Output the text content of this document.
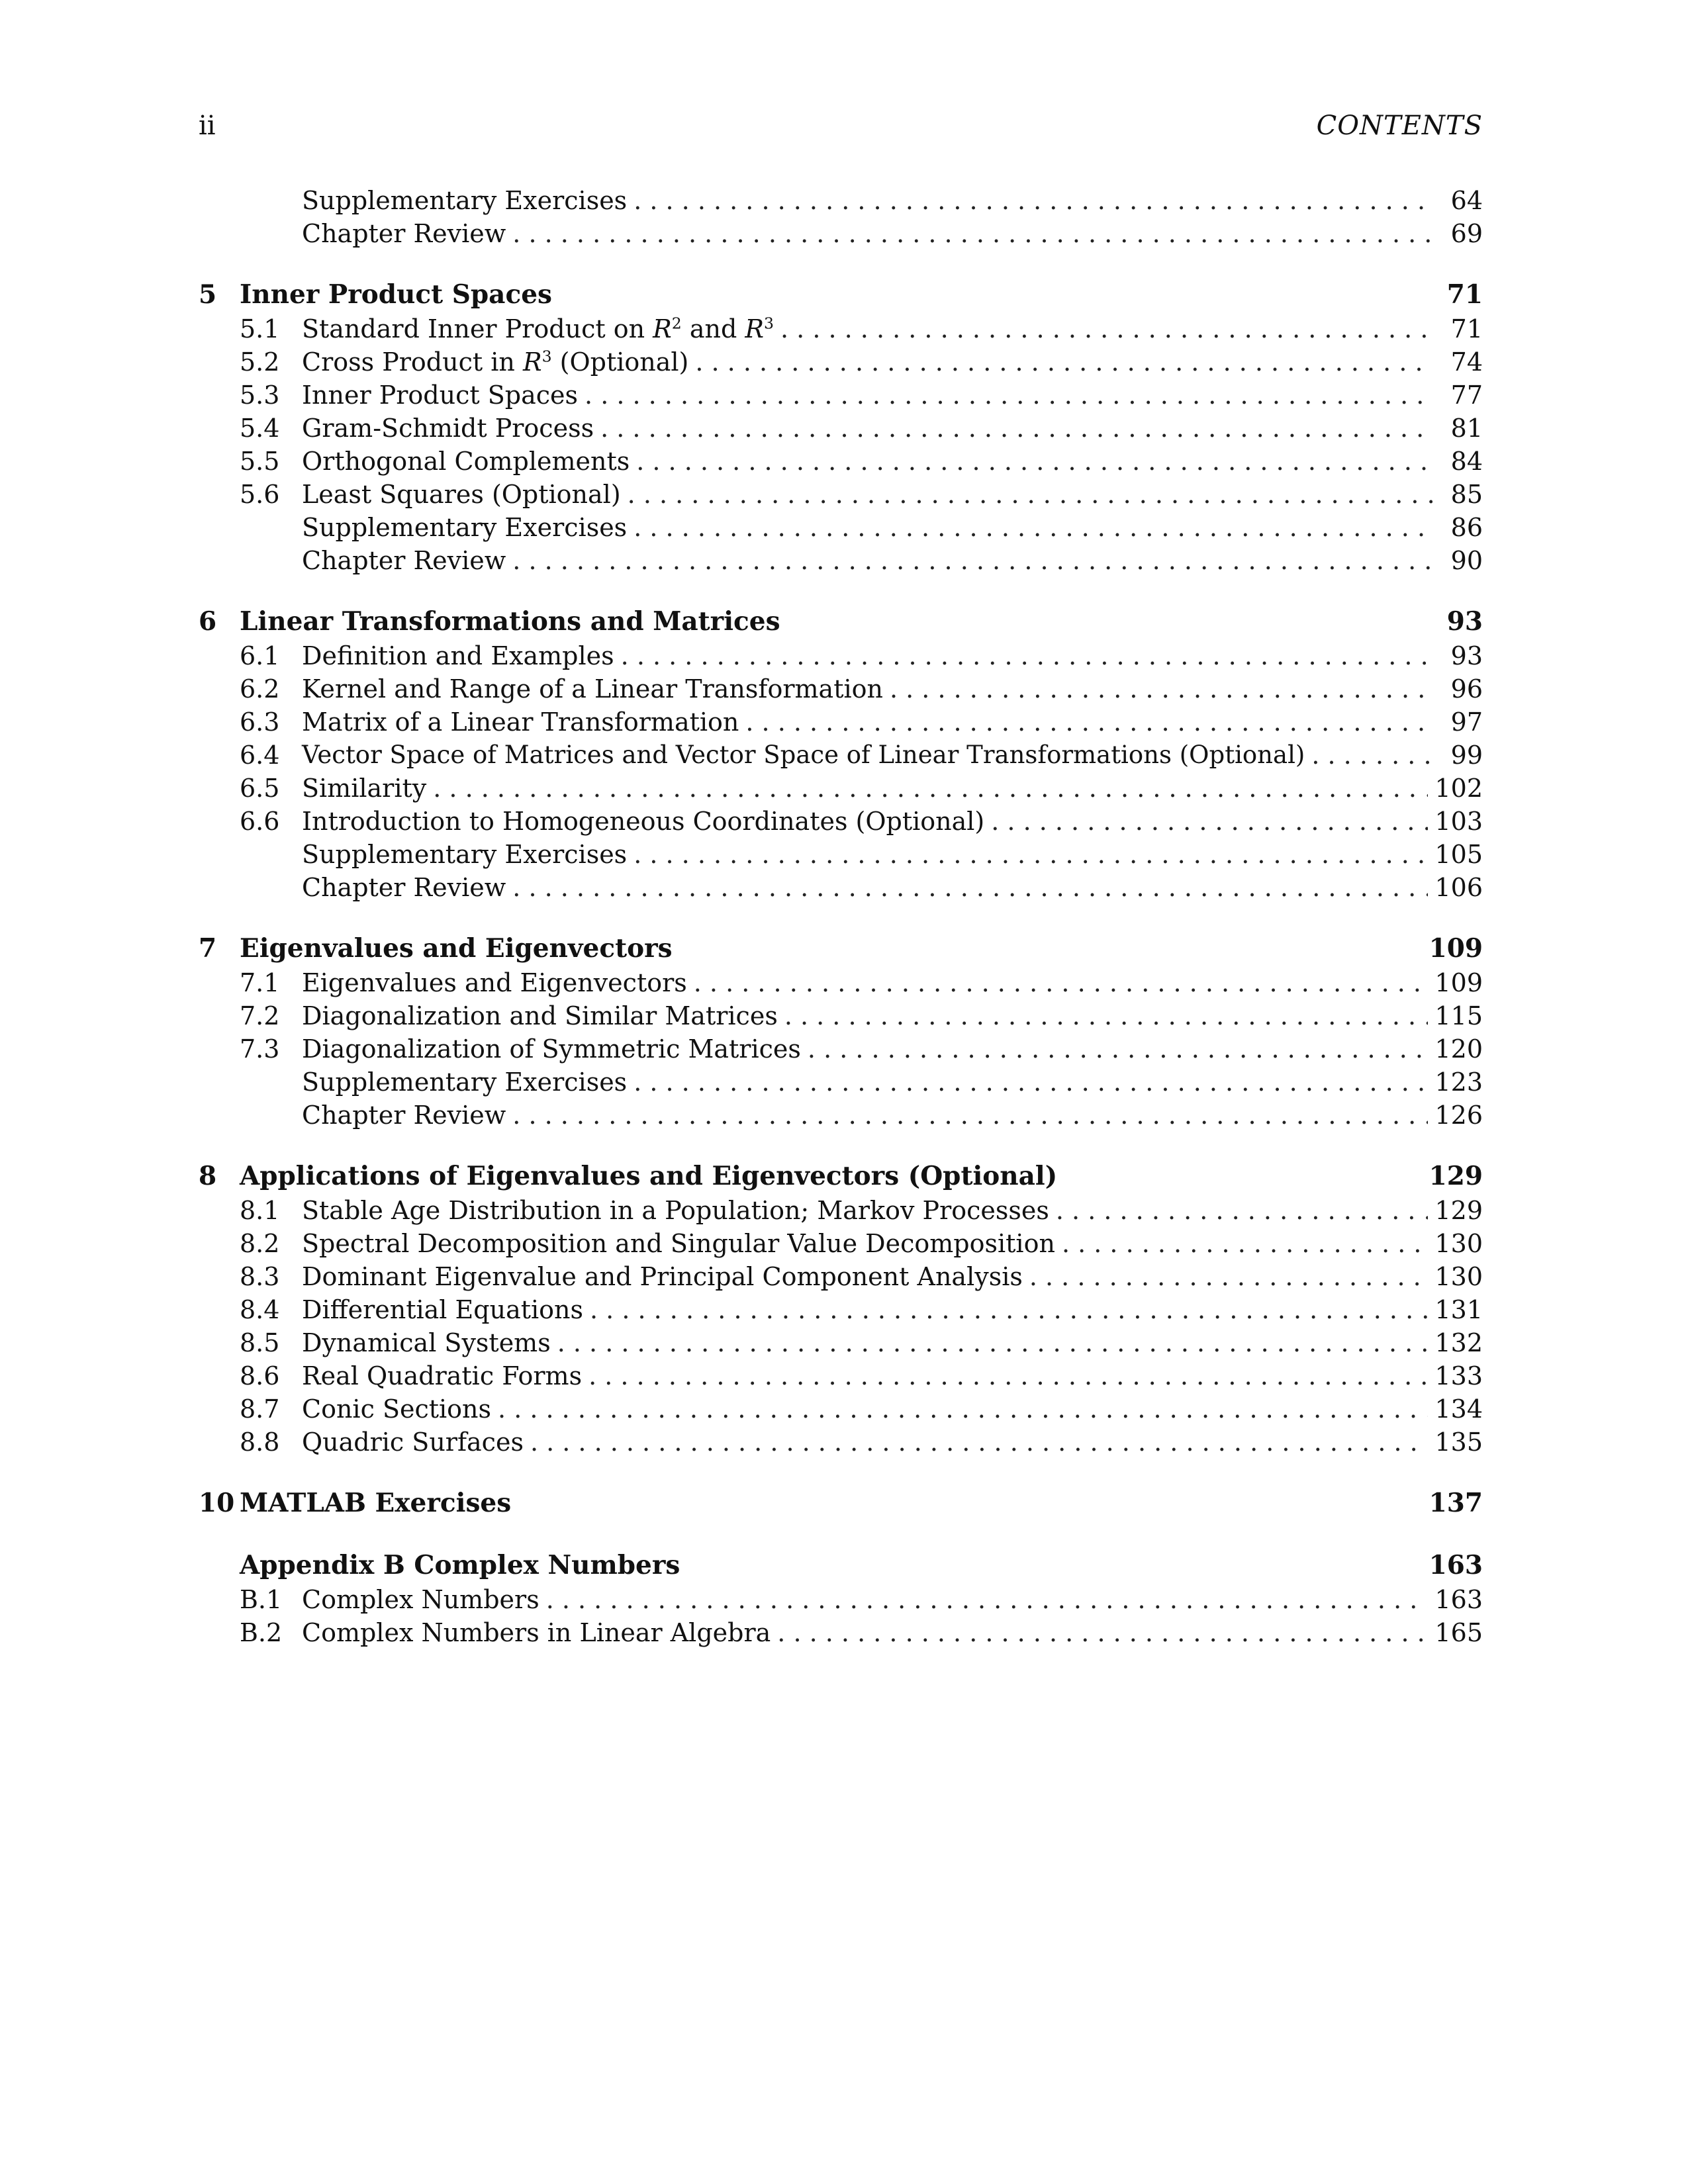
ii	CONTENTS
Supplementary Exercises . . .	64
Chapter Review . . .	69
5 Inner Product Spaces	71
5.1 Standard Inner Product on $R^2$ and $R^3$ . . .	71
5.2 Cross Product in $R^3$ (Optional) . . .	74
5.3 Inner Product Spaces . . .	77
5.4 Gram-Schmidt Process . . .	81
5.5 Orthogonal Complements . . .	84
5.6 Least Squares (Optional) . . .	85
Supplementary Exercises . . .	86
Chapter Review . . .	90
6 Linear Transformations and Matrices	93
6.1 Definition and Examples . . .	93
6.2 Kernel and Range of a Linear Transformation . . .	96
6.3 Matrix of a Linear Transformation . . .	97
6.4 Vector Space of Matrices and Vector Space of Linear Transformations (Optional) . . .	99
6.5 Similarity . . .	102
6.6 Introduction to Homogeneous Coordinates (Optional) . . .	103
Supplementary Exercises . . .	105
Chapter Review . . .	106
7 Eigenvalues and Eigenvectors	109
7.1 Eigenvalues and Eigenvectors . . .	109
7.2 Diagonalization and Similar Matrices . . .	115
7.3 Diagonalization of Symmetric Matrices . . .	120
Supplementary Exercises . . .	123
Chapter Review . . .	126
8 Applications of Eigenvalues and Eigenvectors (Optional)	129
8.1 Stable Age Distribution in a Population; Markov Processes . . .	129
8.2 Spectral Decomposition and Singular Value Decomposition . . .	130
8.3 Dominant Eigenvalue and Principal Component Analysis . . .	130
8.4 Differential Equations . . .	131
8.5 Dynamical Systems . . .	132
8.6 Real Quadratic Forms . . .	133
8.7 Conic Sections . . .	134
8.8 Quadric Surfaces . . .	135
10 MATLAB Exercises	137
Appendix B Complex Numbers	163
B.1 Complex Numbers . . .	163
B.2 Complex Numbers in Linear Algebra . . .	165
